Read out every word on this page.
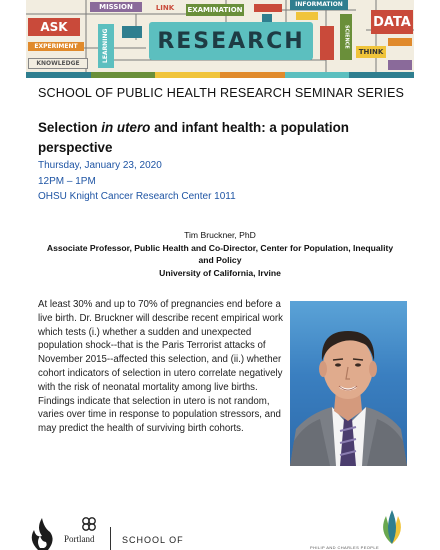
ASK
MISSION	LINK	EXAMINATION
INFORMATION
DATA
EXPERIMENT	LEARNING
KNOWLEDGE
THINK
SCIENCE
RESEARCH
SCHOOL OF PUBLIC HEALTH RESEARCH SEMINAR SERIES
Selection in utero and infant health: a population perspective
Thursday, January 23, 2020
12PM – 1PM
OHSU Knight Cancer Research Center 1011
Tim Bruckner, PhD
Associate Professor, Public Health and Co-Director, Center for Population, Inequality and Policy
University of California, Irvine
At least 30% and up to 70% of pregnancies end before a live birth. Dr. Bruckner will describe recent empirical work which tests (i.) whether a sudden and unexpected population shock--that is the Paris Terrorist attacks of November 2015--affected this selection, and (ii.) whether cohort indicators of selection in utero correlate negatively with the risk of neonatal mortality among live births. Findings indicate that selection in utero is not random, varies over time in response to population stressors, and may predict the health of surviving birth cohorts.
Portland	SCHOOL OF
PHILIP AND CHARLES PEOPLE
